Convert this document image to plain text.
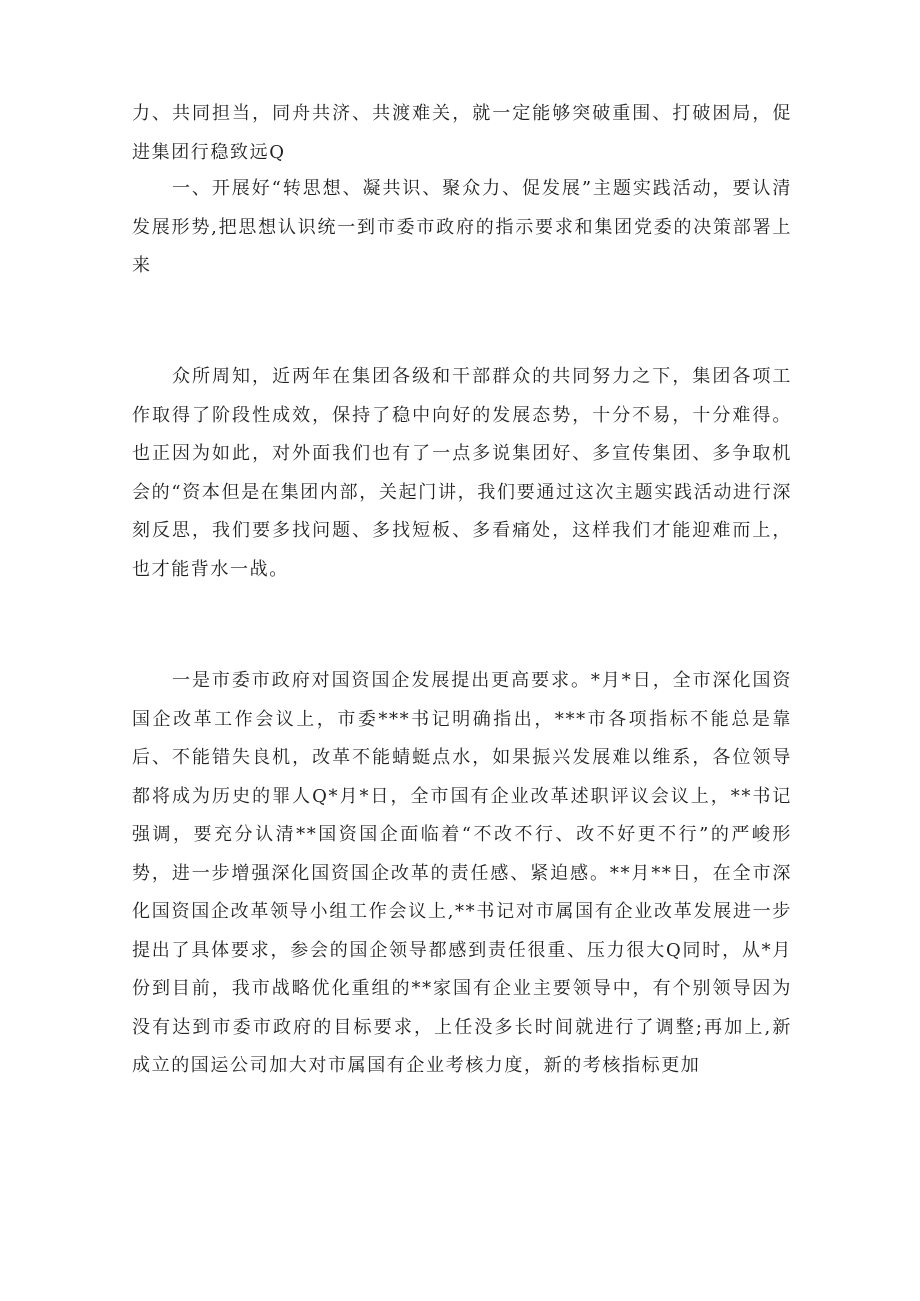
力、共同担当，同舟共济、共渡难关，就一定能够突破重围、打破困局，促进集团行稳致远Q

一、开展好“转思想、凝共识、聚众力、促发展”主题实践活动，要认清发展形势,把思想认识统一到市委市政府的指示要求和集团党委的决策部署上来

众所周知，近两年在集团各级和干部群众的共同努力之下，集团各项工作取得了阶段性成效，保持了稳中向好的发展态势，十分不易，十分难得。也正因为如此，对外面我们也有了一点多说集团好、多宣传集团、多争取机会的“资本但是在集团内部，关起门讲，我们要通过这次主题实践活动进行深刻反思，我们要多找问题、多找短板、多看痛处，这样我们才能迎难而上，也才能背水一战。

一是市委市政府对国资国企发展提出更高要求。*月*日，全市深化国资国企改革工作会议上，市委***书记明确指出，***市各项指标不能总是靠后、不能错失良机，改革不能蜻蜓点水，如果振兴发展难以维系，各位领导都将成为历史的罪人Q*月*日，全市国有企业改革述职评议会议上，**书记强调，要充分认清**国资国企面临着“不改不行、改不好更不行”的严峻形势，进一步增强深化国资国企改革的责任感、紧迫感。**月**日，在全市深化国资国企改革领导小组工作会议上,**书记对市属国有企业改革发展进一步提出了具体要求，参会的国企领导都感到责任很重、压力很大Q同时，从*月份到目前，我市战略优化重组的**家国有企业主要领导中，有个别领导因为没有达到市委市政府的目标要求，上任没多长时间就进行了调整;再加上,新成立的国运公司加大对市属国有企业考核力度，新的考核指标更加
